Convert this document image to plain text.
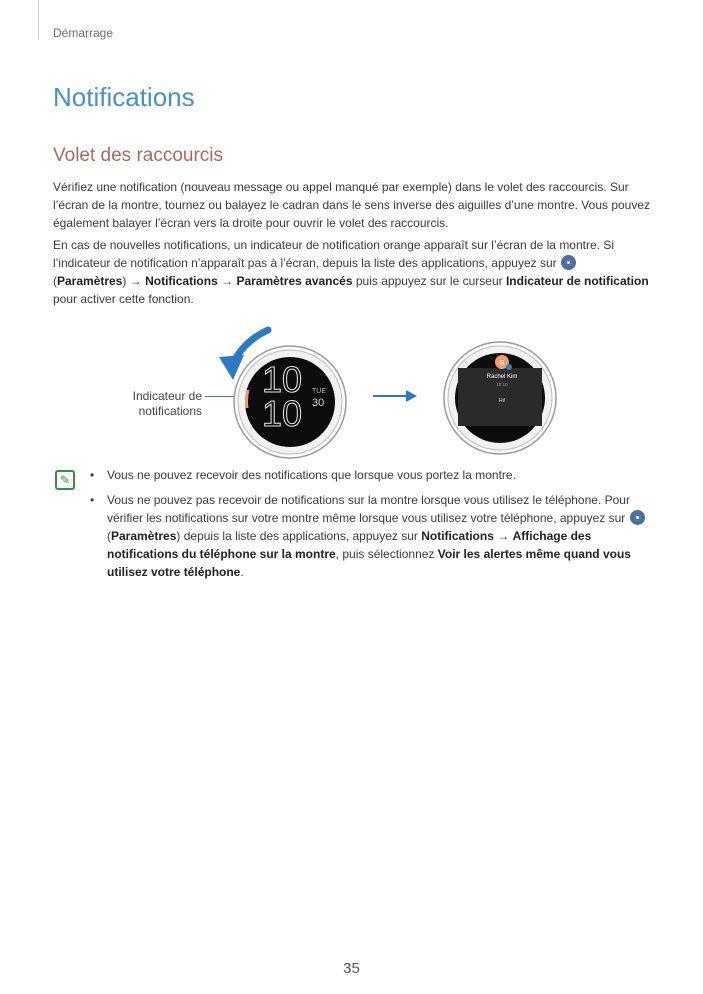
Démarrage
Notifications
Volet des raccourcis

Vérifiez une notification (nouveau message ou appel manqué par exemple) dans le volet des raccourcis. Sur l’écran de la montre, tournez ou balayez le cadran dans le sens inverse des aiguilles d’une montre. Vous pouvez également balayer l’écran vers la droite pour ouvrir le volet des raccourcis.

En cas de nouvelles notifications, un indicateur de notification orange apparaît sur l’écran de la montre. Si l’indicateur de notification n’apparaît pas à l’écran, depuis la liste des applications, appuyez sur
(Paramètres) → Notifications → Paramètres avancés puis appuyez sur le curseur Indicateur de notification
pour activer cette fonction.

Indicateur de notifications
10
10
TUE
30
R
Rachel Kim
10:10
Hi!
✎
•	Vous ne pouvez recevoir des notifications que lorsque vous portez la montre.
• Vous ne pouvez pas recevoir de notifications sur la montre lorsque vous utilisez le téléphone. Pour vérifier les notifications sur votre montre même lorsque vous utilisez votre téléphone, appuyez sur  (Paramètres) depuis la liste des applications, appuyez sur Notifications → Affichage des notifications du téléphone sur la montre, puis sélectionnez Voir les alertes même quand vous utilisez votre téléphone.
35
